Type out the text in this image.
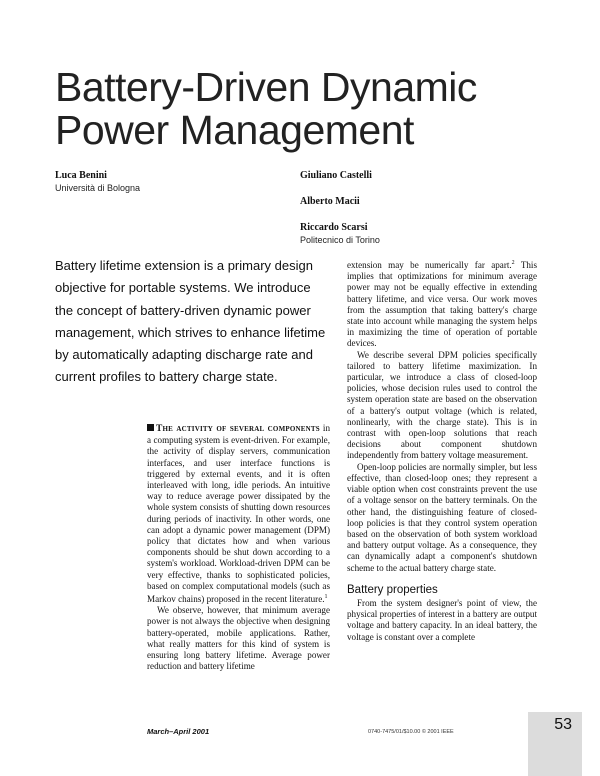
Battery-Driven Dynamic
Power Management
Luca Benini
Università di Bologna
Giuliano Castelli
Alberto Macii
Riccardo Scarsi
Politecnico di Torino
Battery lifetime extension is a primary design objective for portable systems. We introduce the concept of battery-driven dynamic power management, which strives to enhance lifetime by automatically adapting discharge rate and current profiles to battery charge state.

The activity of several components in a computing system is event-driven. For example, the activity of display servers, communication interfaces, and user interface functions is triggered by external events, and it is often interleaved with long, idle periods. An intuitive way to reduce average power dissipated by the whole system consists of shutting down resources during periods of inactivity. In other words, one can adopt a dynamic power management (DPM) policy that dictates how and when various components should be shut down according to a system's workload. Workload-driven DPM can be very effective, thanks to sophisticated policies, based on complex computational models (such as Markov chains) proposed in the recent literature.$^1$

We observe, however, that minimum average power is not always the objective when designing battery-operated, mobile applications. Rather, what really matters for this kind of system is ensuring long battery lifetime. Average power reduction and battery lifetime

extension may be numerically far apart.$^2$ This implies that optimizations for minimum average power may not be equally effective in extending battery lifetime, and vice versa. Our work moves from the assumption that taking battery's charge state into account while managing the system helps in maximizing the time of operation of portable devices.

We describe several DPM policies specifically tailored to battery lifetime maximization. In particular, we introduce a class of closed-loop policies, whose decision rules used to control the system operation state are based on the observation of a battery's output voltage (which is related, nonlinearly, with the charge state). This is in contrast with open-loop solutions that reach decisions about component shutdown independently from battery voltage measurement.

Open-loop policies are normally simpler, but less effective, than closed-loop ones; they represent a viable option when cost constraints prevent the use of a voltage sensor on the battery terminals. On the other hand, the distinguishing feature of closed-loop policies is that they control system operation based on the observation of both system workload and battery output voltage. As a consequence, they can dynamically adapt a component's shutdown scheme to the actual battery charge state.

Battery properties

From the system designer's point of view, the physical properties of interest in a battery are output voltage and battery capacity. In an ideal battery, the voltage is constant over a complete

March–April 2001	0740-7475/01/$10.00 © 2001 IEEE	53
